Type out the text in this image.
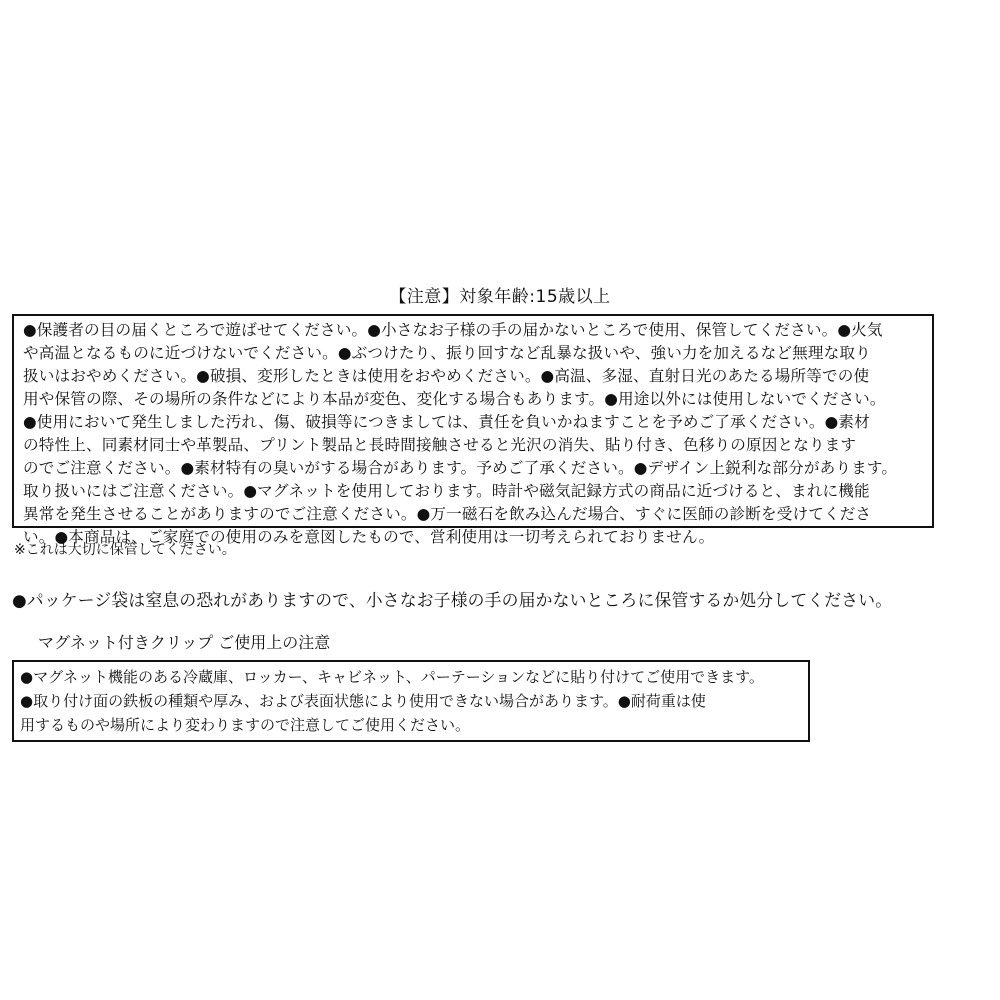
【注意】対象年齢:15歳以上
●保護者の目の届くところで遊ばせてください。●小さなお子様の手の届かないところで使用、保管してください。●火気
や高温となるものに近づけないでください。●ぶつけたり、振り回すなど乱暴な扱いや、強い力を加えるなど無理な取り
扱いはおやめください。●破損、変形したときは使用をおやめください。●高温、多湿、直射日光のあたる場所等での使
用や保管の際、その場所の条件などにより本品が変色、変化する場合もあります。●用途以外には使用しないでください。
●使用において発生しました汚れ、傷、破損等につきましては、責任を負いかねますことを予めご了承ください。●素材
の特性上、同素材同士や革製品、プリント製品と長時間接触させると光沢の消失、貼り付き、色移りの原因となります
のでご注意ください。●素材特有の臭いがする場合があります。予めご了承ください。●デザイン上鋭利な部分があります。
取り扱いにはご注意ください。●マグネットを使用しております。時計や磁気記録方式の商品に近づけると、まれに機能
異常を発生させることがありますのでご注意ください。●万一磁石を飲み込んだ場合、すぐに医師の診断を受けてくださ
い。●本商品は、ご家庭での使用のみを意図したもので、営利使用は一切考えられておりません。
※これは大切に保管してください。
●パッケージ袋は窒息の恐れがありますので、小さなお子様の手の届かないところに保管するか処分してください。
マグネット付きクリップ ご使用上の注意
●マグネット機能のある冷蔵庫、ロッカー、キャビネット、パーテーションなどに貼り付けてご使用できます。
●取り付け面の鉄板の種類や厚み、および表面状態により使用できない場合があります。●耐荷重は使
用するものや場所により変わりますので注意してご使用ください。
